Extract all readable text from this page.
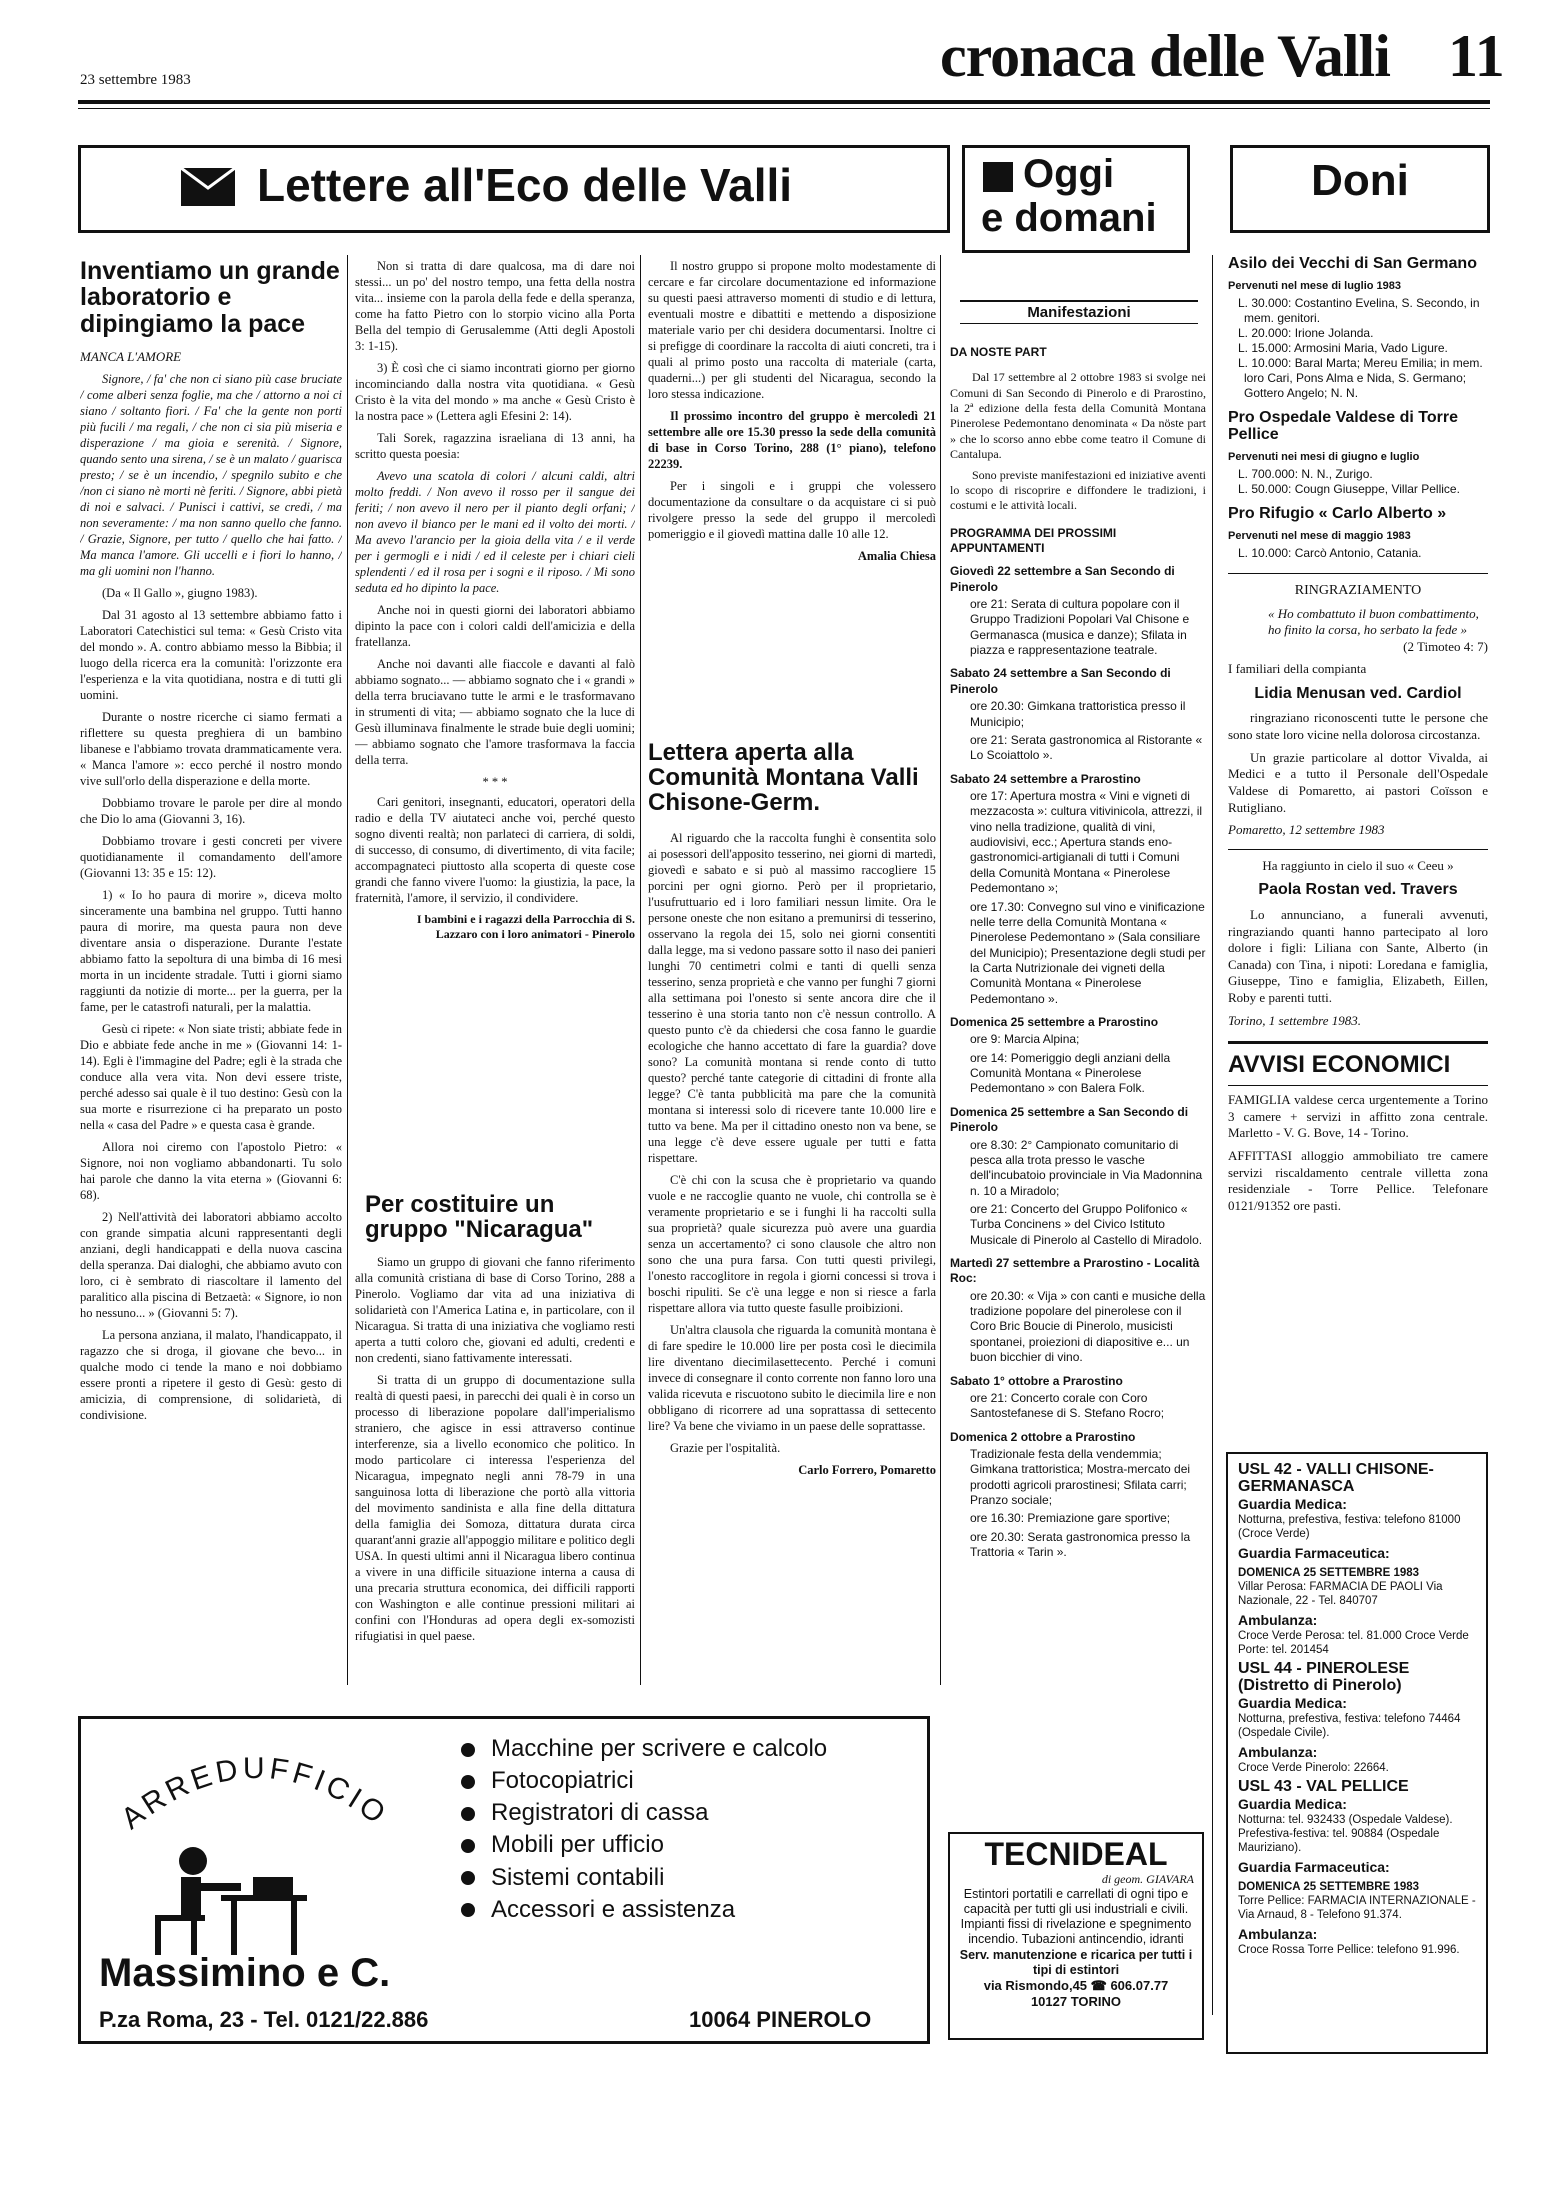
23 settembre 1983	cronaca delle Valli 11
Lettere all'Eco delle Valli	Oggi
e domani
Doni
Inventiamo un grande laboratorio e dipingiamo la pace
MANCA L'AMORE

Signore, / fa' che non ci siano più case bruciate / come alberi senza foglie, ma che / attorno a noi ci siano / soltanto fiori. / Fa' che la gente non porti più fucili / ma regali, / che non ci sia più miseria e disperazione / ma gioia e serenità. / Signore, quando sento una sirena, / se è un malato / guarisca presto; / se è un incendio, / spegnilo subito e che /non ci siano nè morti nè feriti. / Signore, abbi pietà di noi e salvaci. / Punisci i cattivi, se credi, / ma non severamente: / ma non sanno quello che fanno. / Grazie, Signore, per tutto / quello che hai fatto. / Ma manca l'amore. Gli uccelli e i fiori lo hanno, / ma gli uomini non l'hanno.

(Da « Il Gallo », giugno 1983).

Dal 31 agosto al 13 settembre abbiamo fatto i Laboratori Catechistici sul tema: « Gesù Cristo vita del mondo ». A. contro abbiamo messo la Bibbia; il luogo della ricerca era la comunità: l'orizzonte era l'esperienza e la vita quotidiana, nostra e di tutti gli uomini.

Durante o nostre ricerche ci siamo fermati a riflettere su questa preghiera di un bambino libanese e l'abbiamo trovata drammaticamente vera. « Manca l'amore »: ecco perché il nostro mondo vive sull'orlo della disperazione e della morte.

Dobbiamo trovare le parole per dire al mondo che Dio lo ama (Giovanni 3, 16).

Dobbiamo trovare i gesti concreti per vivere quotidianamente il comandamento dell'amore (Giovanni 13: 35 e 15: 12).

1) « Io ho paura di morire », diceva molto sinceramente una bambina nel gruppo. Tutti hanno paura di morire, ma questa paura non deve diventare ansia o disperazione. Durante l'estate abbiamo fatto la sepoltura di una bimba di 16 mesi morta in un incidente stradale. Tutti i giorni siamo raggiunti da notizie di morte... per la guerra, per la fame, per le catastrofi naturali, per la malattia.

Gesù ci ripete: « Non siate tristi; abbiate fede in Dio e abbiate fede anche in me » (Giovanni 14: 1-14). Egli è l'immagine del Padre; egli è la strada che conduce alla vera vita. Non devi essere triste, perché adesso sai quale è il tuo destino: Gesù con la sua morte e risurrezione ci ha preparato un posto nella « casa del Padre » e questa casa è grande.

Allora noi ciremo con l'apostolo Pietro: « Signore, noi non vogliamo abbandonarti. Tu solo hai parole che danno la vita eterna » (Giovanni 6: 68).

2) Nell'attività dei laboratori abbiamo accolto con grande simpatia alcuni rappresentanti degli anziani, degli handicappati e della nuova cascina della speranza. Dai dialoghi, che abbiamo avuto con loro, ci è sembrato di riascoltare il lamento del paralitico alla piscina di Betzaetà: « Signore, io non ho nessuno... » (Giovanni 5: 7).

La persona anziana, il malato, l'handicappato, il ragazzo che si droga, il giovane che bevo... in qualche modo ci tende la mano e noi dobbiamo essere pronti a ripetere il gesto di Gesù: gesto di amicizia, di comprensione, di solidarietà, di condivisione.

Non si tratta di dare qualcosa, ma di dare noi stessi... un po' del nostro tempo, una fetta della nostra vita... insieme con la parola della fede e della speranza, come ha fatto Pietro con lo storpio vicino alla Porta Bella del tempio di Gerusalemme (Atti degli Apostoli 3: 1-15).

3) È così che ci siamo incontrati giorno per giorno incominciando dalla nostra vita quotidiana. « Gesù Cristo è la vita del mondo » ma anche « Gesù Cristo è la nostra pace » (Lettera agli Efesini 2: 14).

Tali Sorek, ragazzina israeliana di 13 anni, ha scritto questa poesia:

Avevo una scatola di colori / alcuni caldi, altri molto freddi. / Non avevo il rosso per il sangue dei feriti; / non avevo il nero per il pianto degli orfani; / non avevo il bianco per le mani ed il volto dei morti. / Ma avevo l'arancio per la gioia della vita / e il verde per i germogli e i nidi / ed il celeste per i chiari cieli splendenti / ed il rosa per i sogni e il riposo. / Mi sono seduta ed ho dipinto la pace.

Anche noi in questi giorni dei laboratori abbiamo dipinto la pace con i colori caldi dell'amicizia e della fratellanza.

Anche noi davanti alle fiaccole e davanti al falò abbiamo sognato... — abbiamo sognato che i « grandi » della terra bruciavano tutte le armi e le trasformavano in strumenti di vita; — abbiamo sognato che la luce di Gesù illuminava finalmente le strade buie degli uomini; — abbiamo sognato che l'amore trasformava la faccia della terra.

* * *

Cari genitori, insegnanti, educatori, operatori della radio e della TV aiutateci anche voi, perché questo sogno diventi realtà; non parlateci di carriera, di soldi, di successo, di consumo, di divertimento, di vita facile; accompagnateci piuttosto alla scoperta di queste cose grandi che fanno vivere l'uomo: la giustizia, la pace, la fraternità, l'amore, il servizio, il condividere.

I bambini e i ragazzi della Parrocchia di S. Lazzaro con i loro animatori - Pinerolo
Per costituire un gruppo "Nicaragua"

Siamo un gruppo di giovani che fanno riferimento alla comunità cristiana di base di Corso Torino, 288 a Pinerolo. Vogliamo dar vita ad una iniziativa di solidarietà con l'America Latina e, in particolare, con il Nicaragua. Si tratta di una iniziativa che vogliamo resti aperta a tutti coloro che, giovani ed adulti, credenti e non credenti, siano fattivamente interessati.

Si tratta di un gruppo di documentazione sulla realtà di questi paesi, in parecchi dei quali è in corso un processo di liberazione popolare dall'imperialismo straniero, che agisce in essi attraverso continue interferenze, sia a livello economico che politico. In modo particolare ci interessa l'esperienza del Nicaragua, impegnato negli anni 78-79 in una sanguinosa lotta di liberazione che portò alla vittoria del movimento sandinista e alla fine della dittatura della famiglia dei Somoza, dittatura durata circa quarant'anni grazie all'appoggio militare e politico degli USA. In questi ultimi anni il Nicaragua libero continua a vivere in una difficile situazione interna a causa di una precaria struttura economica, dei difficili rapporti con Washington e alle continue pressioni militari ai confini con l'Honduras ad opera degli ex-somozisti rifugiatisi in quel paese.

Il nostro gruppo si propone molto modestamente di cercare e far circolare documentazione ed informazione su questi paesi attraverso momenti di studio e di lettura, eventuali mostre e dibattiti e mettendo a disposizione materiale vario per chi desidera documentarsi. Inoltre ci si prefigge di coordinare la raccolta di aiuti concreti, tra i quali al primo posto una raccolta di materiale (carta, quaderni...) per gli studenti del Nicaragua, secondo la loro stessa indicazione.

Il prossimo incontro del gruppo è mercoledì 21 settembre alle ore 15.30 presso la sede della comunità di base in Corso Torino, 288 (1° piano), telefono 22239.

Per i singoli e i gruppi che volessero documentazione da consultare o da acquistare ci si può rivolgere presso la sede del gruppo il mercoledì pomeriggio e il giovedì mattina dalle 10 alle 12.

Amalia Chiesa
Lettera aperta alla Comunità Montana Valli Chisone-Germ.

Al riguardo che la raccolta funghi è consentita solo ai posessori dell'apposito tesserino, nei giorni di martedì, giovedì e sabato e si può al massimo raccogliere 15 porcini per ogni giorno. Però per il proprietario, l'usufruttuario ed i loro familiari nessun limite. Ora le persone oneste che non esitano a premunirsi di tesserino, osservano la regola dei 15, solo nei giorni consentiti dalla legge, ma si vedono passare sotto il naso dei panieri lunghi 70 centimetri colmi e tanti di quelli senza tesserino, senza proprietà e che vanno per funghi 7 giorni alla settimana poi l'onesto si sente ancora dire che il tesserino è una storia tanto non c'è nessun controllo. A questo punto c'è da chiedersi che cosa fanno le guardie ecologiche che hanno accettato di fare la guardia? dove sono? La comunità montana si rende conto di tutto questo? perché tante categorie di cittadini di fronte alla legge? C'è tanta pubblicità ma pare che la comunità montana si interessi solo di ricevere tante 10.000 lire e tutto va bene. Ma per il cittadino onesto non va bene, se una legge c'è deve essere uguale per tutti e fatta rispettare.

C'è chi con la scusa che è proprietario va quando vuole e ne raccoglie quanto ne vuole, chi controlla se è veramente proprietario e se i funghi li ha raccolti sulla sua proprietà? quale sicurezza può avere una guardia senza un accertamento? ci sono clausole che altro non sono che una pura farsa. Con tutti questi privilegi, l'onesto raccoglitore in regola i giorni concessi si trova i boschi ripuliti. Se c'è una legge e non si riesce a farla rispettare allora via tutto queste fasulle proibizioni.

Un'altra clausola che riguarda la comunità montana è di fare spedire le 10.000 lire per posta così le diecimila lire diventano diecimilasettecento. Perché i comuni invece di consegnare il conto corrente non fanno loro una valida ricevuta e riscuotono subito le diecimila lire e non obbligano di ricorrere ad una soprattassa di settecento lire? Va bene che viviamo in un paese delle soprattasse.

Grazie per l'ospitalità.

Carlo Forrero, Pomaretto
Manifestazioni
DA NOSTE PART

Dal 17 settembre al 2 ottobre 1983 si svolge nei Comuni di San Secondo di Pinerolo e di Prarostino, la 2ª edizione della festa della Comunità Montana Pinerolese Pedemontano denominata « Da nöste part » che lo scorso anno ebbe come teatro il Comune di Cantalupa.

Sono previste manifestazioni ed iniziative aventi lo scopo di riscoprire e diffondere le tradizioni, i costumi e le attività locali.

PROGRAMMA DEI PROSSIMI APPUNTAMENTI
Giovedì 22 settembre a San Secondo di Pinerolo
ore 21: Serata di cultura popolare con il Gruppo Tradizioni Popolari Val Chisone e Germanasca (musica e danze); Sfilata in piazza e rappresentazione teatrale.
Sabato 24 settembre a San Secondo di Pinerolo
ore 20.30: Gimkana trattoristica presso il Municipio;
ore 21: Serata gastronomica al Ristorante « Lo Scoiattolo ».
Sabato 24 settembre a Prarostino
ore 17: Apertura mostra « Vini e vigneti di mezzacosta »: cultura vitivinicola, attrezzi, il vino nella tradizione, qualità di vini, audiovisivi, ecc.; Apertura stands eno-gastronomici-artigianali di tutti i Comuni della Comunità Montana « Pinerolese Pedemontano »;
ore 17.30: Convegno sul vino e vinificazione nelle terre della Comunità Montana « Pinerolese Pedemontano » (Sala consiliare del Municipio); Presentazione degli studi per la Carta Nutrizionale dei vigneti della Comunità Montana « Pinerolese Pedemontano ».
Domenica 25 settembre a Prarostino
ore 9: Marcia Alpina;
ore 14: Pomeriggio degli anziani della Comunità Montana « Pinerolese Pedemontano » con Balera Folk.
Domenica 25 settembre a San Secondo di Pinerolo
ore 8.30: 2° Campionato comunitario di pesca alla trota presso le vasche dell'incubatoio provinciale in Via Madonnina n. 10 a Miradolo;
ore 21: Concerto del Gruppo Polifonico « Turba Concinens » del Civico Istituto Musicale di Pinerolo al Castello di Miradolo.
Martedì 27 settembre a Prarostino - Località Roc:
ore 20.30: « Vija » con canti e musiche della tradizione popolare del pinerolese con il Coro Bric Boucie di Pinerolo, musicisti spontanei, proiezioni di diapositive e... un buon bicchier di vino.
Sabato 1° ottobre a Prarostino
ore 21: Concerto corale con Coro Santostefanese di S. Stefano Rocro;
Domenica 2 ottobre a Prarostino
Tradizionale festa della vendemmia; Gimkana trattoristica; Mostra-mercato dei prodotti agricoli prarostinesi; Sfilata carri; Pranzo sociale;
ore 16.30: Premiazione gare sportive;
ore 20.30: Serata gastronomica presso la Trattoria « Tarin ».
Asilo dei Vecchi di San Germano
Pervenuti nel mese di luglio 1983
L. 30.000: Costantino Evelina, S. Secondo, in mem. genitori.
L. 20.000: Irione Jolanda.
L. 15.000: Armosini Maria, Vado Ligure.
L. 10.000: Baral Marta; Mereu Emilia; in mem. loro Cari, Pons Alma e Nida, S. Germano; Gottero Angelo; N. N.
Pro Ospedale Valdese di Torre Pellice
Pervenuti nei mesi di giugno e luglio
L. 700.000: N. N., Zurigo.
L. 50.000: Cougn Giuseppe, Villar Pellice.
Pro Rifugio « Carlo Alberto »
Pervenuti nel mese di maggio 1983
L. 10.000: Carcò Antonio, Catania.
RINGRAZIAMENTO
« Ho combattuto il buon combattimento, ho finito la corsa, ho serbato la fede »
(2 Timoteo 4: 7)
I familiari della compianta
Lidia Menusan ved. Cardiol

ringraziano riconoscenti tutte le persone che sono state loro vicine nella dolorosa circostanza.

Un grazie particolare al dottor Vivalda, ai Medici e a tutto il Personale dell'Ospedale Valdese di Pomaretto, ai pastori Coïsson e Rutigliano.

Pomaretto, 12 settembre 1983
Ha raggiunto in cielo il suo « Ceeu »
Paola Rostan ved. Travers

Lo annunciano, a funerali avvenuti, ringraziando quanti hanno partecipato al loro dolore i figli: Liliana con Sante, Alberto (in Canada) con Tina, i nipoti: Loredana e famiglia, Giuseppe, Tino e famiglia, Elizabeth, Eillen, Roby e parenti tutti.

Torino, 1 settembre 1983.
AVVISI ECONOMICI

FAMIGLIA valdese cerca urgentemente a Torino 3 camere + servizi in affitto zona centrale. Marletto - V. G. Bove, 14 - Torino.

AFFITTASI alloggio ammobiliato tre camere servizi riscaldamento centrale villetta zona residenziale - Torre Pellice. Telefonare 0121/91352 ore pasti.

USL 42 - VALLI CHISONE-GERMANASCA
Guardia Medica:
Notturna, prefestiva, festiva: telefono 81000 (Croce Verde)
Guardia Farmaceutica:
DOMENICA 25 SETTEMBRE 1983
Villar Perosa: FARMACIA DE PAOLI Via Nazionale, 22 - Tel. 840707
Ambulanza:
Croce Verde Perosa: tel. 81.000 Croce Verde Porte: tel. 201454
USL 44 - PINEROLESE (Distretto di Pinerolo)
Guardia Medica:
Notturna, prefestiva, festiva: telefono 74464 (Ospedale Civile).
Ambulanza:
Croce Verde Pinerolo: 22664.
USL 43 - VAL PELLICE
Guardia Medica:
Notturna: tel. 932433 (Ospedale Valdese). Prefestiva-festiva: tel. 90884 (Ospedale Mauriziano).
Guardia Farmaceutica:
DOMENICA 25 SETTEMBRE 1983
Torre Pellice: FARMACIA INTERNAZIONALE - Via Arnaud, 8 - Telefono 91.374.
Ambulanza:
Croce Rossa Torre Pellice: telefono 91.996.
ARREDUFFICIO
Massimino e C.
P.za Roma, 23 - Tel. 0121/22.886	10064 PINEROLO
Macchine per scrivere e calcolo
Fotocopiatrici
Registratori di cassa
Mobili per ufficio
Sistemi contabili
Accessori e assistenza
TECNIDEAL
di geom. GIAVARA
Estintori portatili e carrellati di ogni tipo e capacità per tutti gli usi industriali e civili. Impianti fissi di rivelazione e spegnimento incendio. Tubazioni antincendio, idranti
Serv. manutenzione e ricarica per tutti i tipi di estintori
via Rismondo,45 ☎ 606.07.77
10127 TORINO
